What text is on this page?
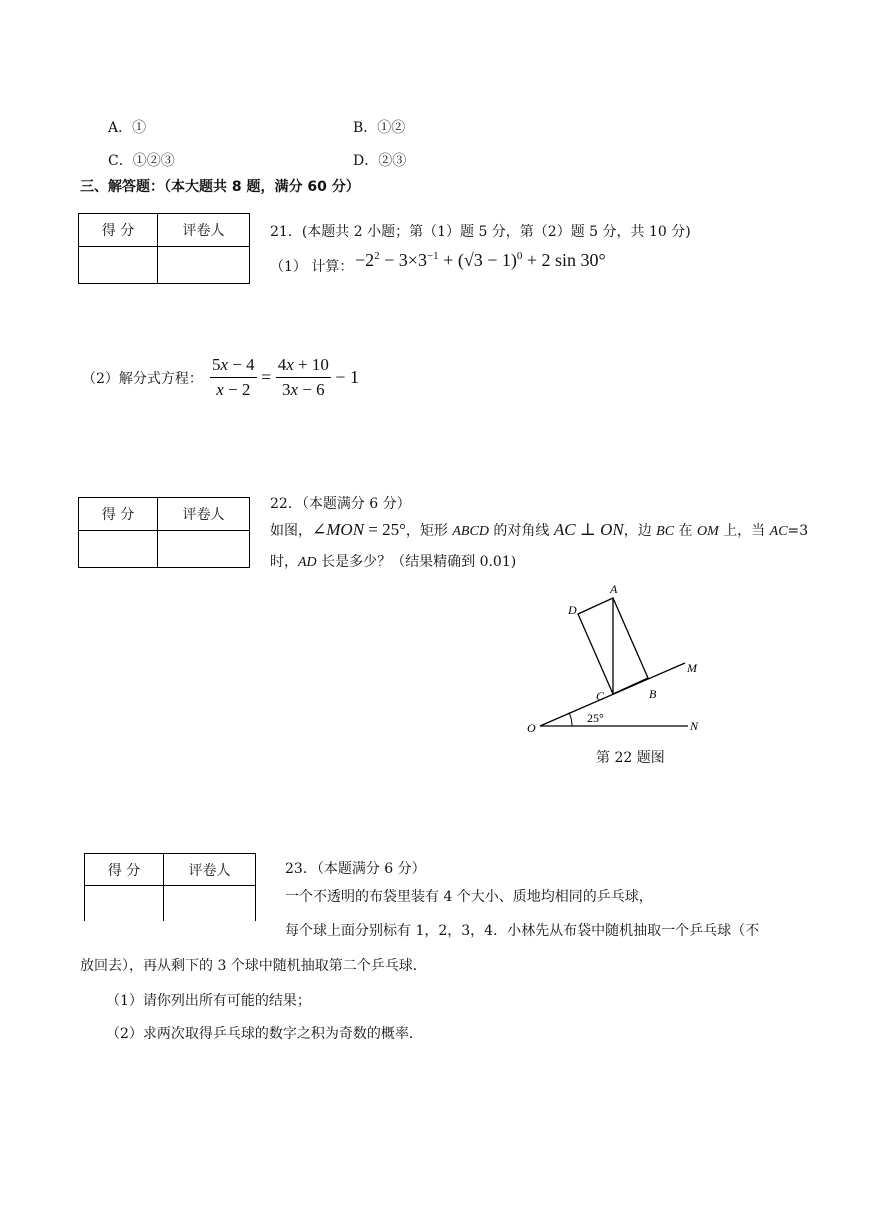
A．①	B．①②
C．①②③	D．②③
三、解答题：（本大题共 8 题，满分 60 分）
得 分	评卷人
		21．(本题共 2 小题；第（1）题 5 分，第（2）题 5 分，共 10 分)
（1） 计算： $-2^2 - 3\times 3^{-1} + (√3 - 1)^0 + 2$ sin 30°
（2）解分式方程： $\frac{5x - 4}{x - 2} = \frac{4x + 10}{3x - 6} - 1$
得 分	评卷人

22．（本题满分 6 分）
如图，∠MON = 25°，矩形 ABCD 的对角线 AC ⊥ ON，边 BC 在 OM 上，当 AC=3
时，AD 长是多少？（结果精确到 0.01)
A
D
C	B
M
N
O
25°
第 22 题图
得 分	评卷人
		23．（本题满分 6 分）
一个不透明的布袋里装有 4 个大小、质地均相同的乒乓球，
每个球上面分别标有 1，2，3，4．小林先从布袋中随机抽取一个乒乓球（不
放回去），再从剩下的 3 个球中随机抽取第二个乒乓球．
（1）请你列出所有可能的结果；
（2）求两次取得乒乓球的数字之积为奇数的概率．
